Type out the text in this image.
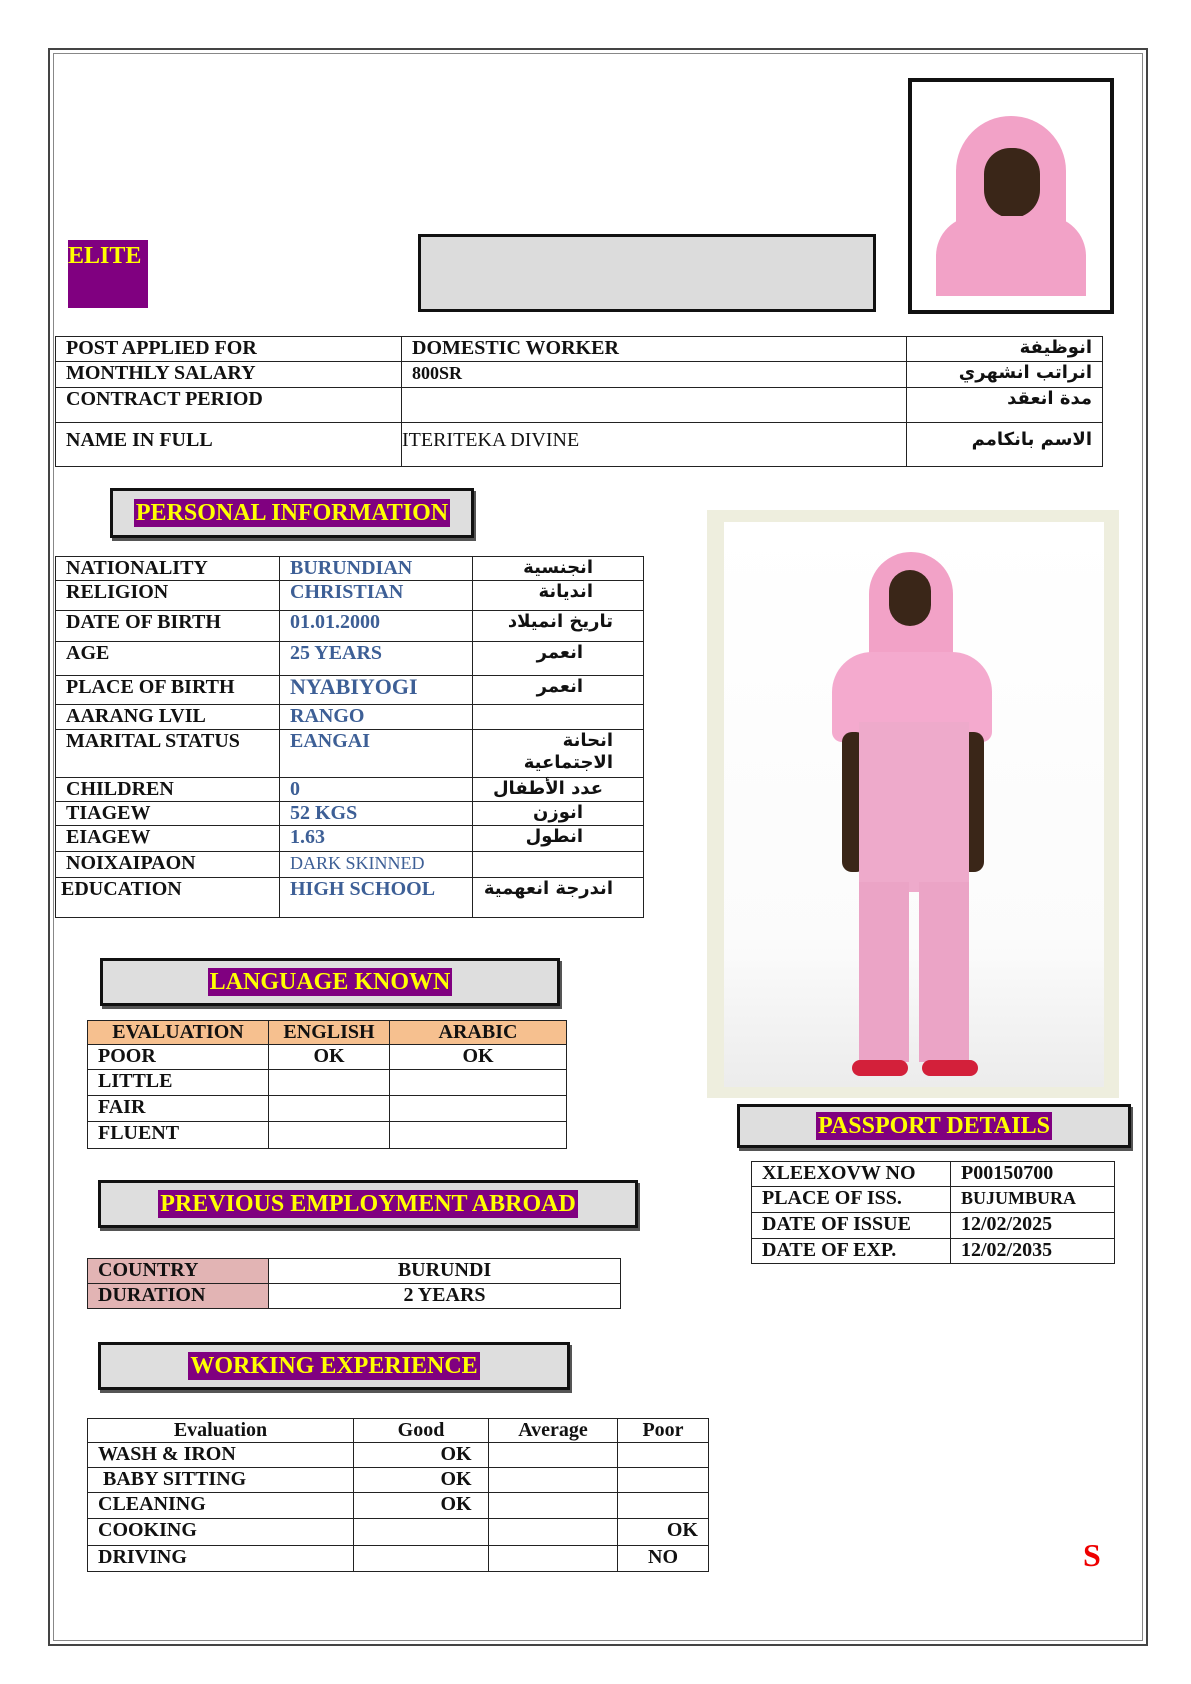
ELITE
POST APPLIED FOR	DOMESTIC WORKER	انوظيفة
MONTHLY SALARY	800SR	انراتب انشهري
CONTRACT PERIOD		مدة انعقد
NAME IN FULL	ITERITEKA DIVINE	الاسم بانكامم
PERSONAL INFORMATION
NATIONALITY	BURUNDIAN	انجنسية
RELIGION	CHRISTIAN	انديانة
DATE OF BIRTH	01.01.2000	تاريخ انميلاد
AGE	25 YEARS	انعمر
PLACE OF BIRTH	NYABIYOGI	انعمر
AARANG LVIL	RANGO	
MARITAL STATUS	EANGAI	انحانة الاجتماعية
CHILDREN	0	عدد الأطفال
TIAGEW	52 KGS	انوزن
EIAGEW	1.63	انطول
NOIXAIPAON	DARK SKINNED	
EDUCATION	HIGH SCHOOL	اندرجة انعهمية
LANGUAGE KNOWN
EVALUATION	ENGLISH	ARABIC
POOR	OK	OK
LITTLE		
FAIR		
FLUENT		
PREVIOUS EMPLOYMENT ABROAD
COUNTRY	BURUNDI
DURATION	2 YEARS
WORKING EXPERIENCE
Evaluation	Good	Average	Poor
WASH & IRON	OK		
BABY SITTING	OK		
CLEANING	OK		
COOKING			OK
DRIVING			NO
PASSPORT DETAILS
XLEEXOVW NO	P00150700
PLACE OF ISS.	BUJUMBURA
DATE OF ISSUE	12/02/2025
DATE OF EXP.	12/02/2035
S
